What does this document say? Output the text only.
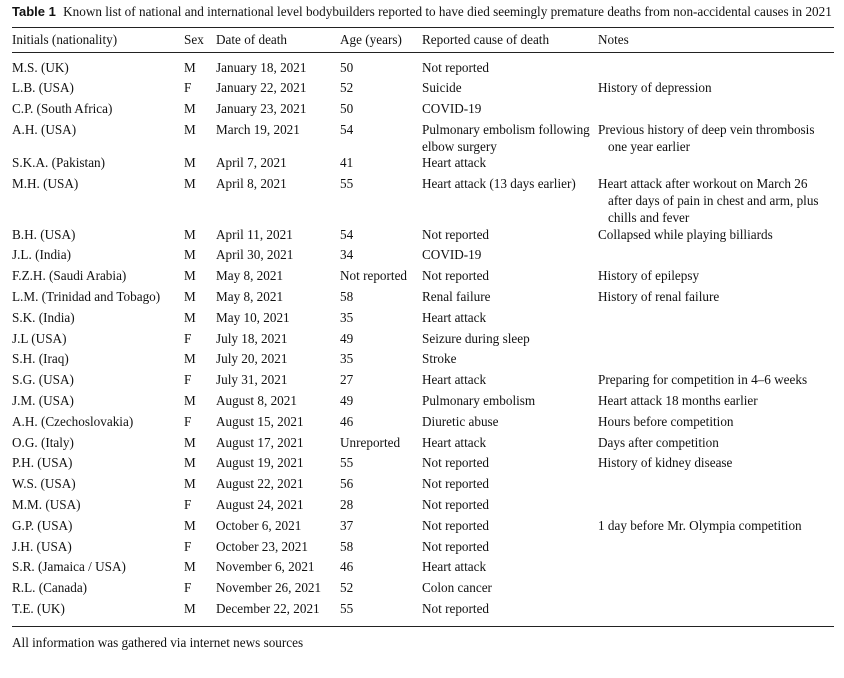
Table 1 Known list of national and international level bodybuilders reported to have died seemingly premature deaths from non-accidental causes in 2021
Initials (nationality)	Sex	Date of death	Age (years)	Reported cause of death	Notes
M.S. (UK)	M	January 18, 2021	50	Not reported	

L.B. (USA)	F	January 22, 2021	52	Suicide	History of depression

C.P. (South Africa)	M	January 23, 2021	50	COVID-19	

A.H. (USA)	M	March 19, 2021	54	Pulmonary embolism following elbow surgery	Previous history of deep vein thrombosis one year earlier

S.K.A. (Pakistan)	M	April 7, 2021	41	Heart attack	

M.H. (USA)	M	April 8, 2021	55	Heart attack (13 days earlier)	Heart attack after workout on March 26 after days of pain in chest and arm, plus chills and fever

B.H. (USA)	M	April 11, 2021	54	Not reported	Collapsed while playing billiards

J.L. (India)	M	April 30, 2021	34	COVID-19	

F.Z.H. (Saudi Arabia)	M	May 8, 2021	Not reported	Not reported	History of epilepsy

L.M. (Trinidad and Tobago)	M	May 8, 2021	58	Renal failure	History of renal failure

S.K. (India)	M	May 10, 2021	35	Heart attack	

J.L (USA)	F	July 18, 2021	49	Seizure during sleep	

S.H. (Iraq)	M	July 20, 2021	35	Stroke	

S.G. (USA)	F	July 31, 2021	27	Heart attack	Preparing for competition in 4–6 weeks

J.M. (USA)	M	August 8, 2021	49	Pulmonary embolism	Heart attack 18 months earlier

A.H. (Czechoslovakia)	F	August 15, 2021	46	Diuretic abuse	Hours before competition

O.G. (Italy)	M	August 17, 2021	Unreported	Heart attack	Days after competition

P.H. (USA)	M	August 19, 2021	55	Not reported	History of kidney disease

W.S. (USA)	M	August 22, 2021	56	Not reported	

M.M. (USA)	F	August 24, 2021	28	Not reported	

G.P. (USA)	M	October 6, 2021	37	Not reported	1 day before Mr. Olympia competition

J.H. (USA)	F	October 23, 2021	58	Not reported	

S.R. (Jamaica / USA)	M	November 6, 2021	46	Heart attack	

R.L. (Canada)	F	November 26, 2021	52	Colon cancer	

T.E. (UK)	M	December 22, 2021	55	Not reported	
All information was gathered via internet news sources
